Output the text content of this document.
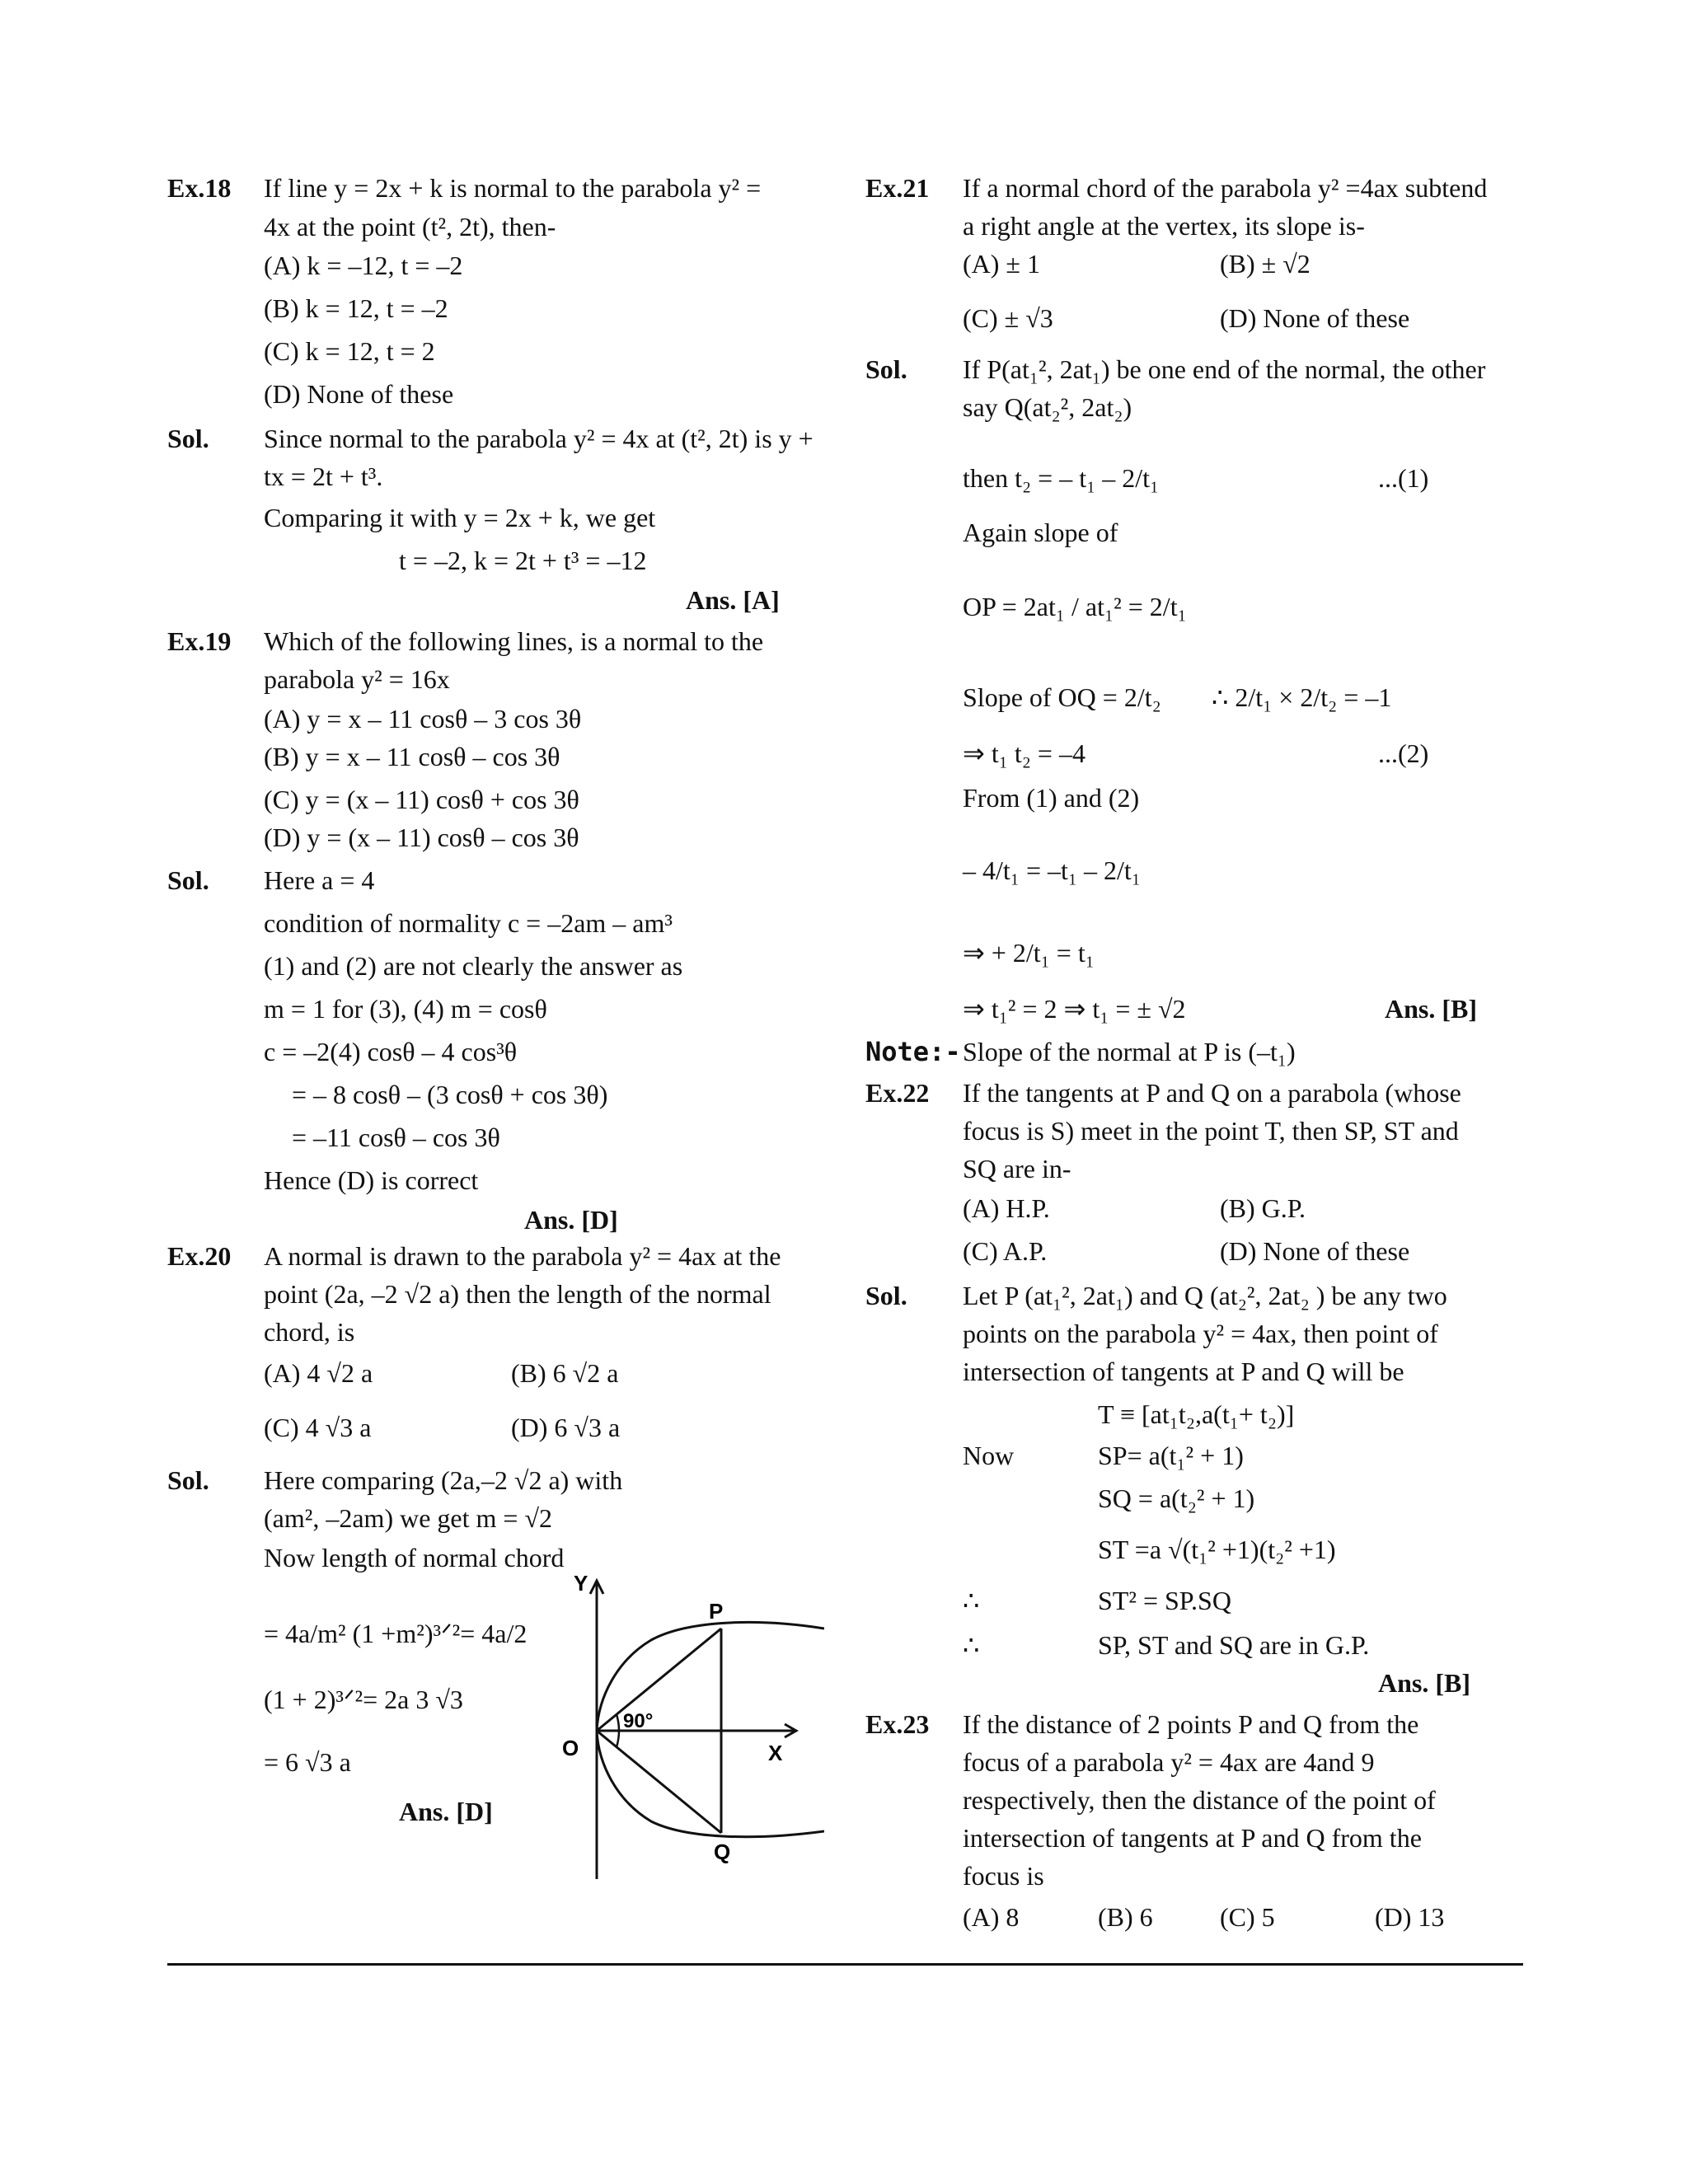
Ex.18 If line y = 2x + k is normal to the parabola y² =
4x at the point (t², 2t), then-
(A) k = –12, t = –2
(B) k = 12, t = –2
(C) k = 12, t = 2
(D) None of these
Sol. Since normal to the parabola y² = 4x at (t², 2t) is y +
tx = 2t + t³.
Comparing it with y = 2x + k, we get
t = –2, k = 2t + t³ = –12
Ans. [A]
Ex.19 Which of the following lines, is a normal to the
parabola y² = 16x
(A) y = x – 11 cosθ – 3 cos 3θ
(B) y = x – 11 cosθ – cos 3θ
(C) y = (x – 11) cosθ + cos 3θ
(D) y = (x – 11) cosθ – cos 3θ
Sol. Here a = 4
condition of normality c = –2am – am³
(1) and (2) are not clearly the answer as
m = 1 for (3), (4) m = cosθ
c = –2(4) cosθ – 4 cos³θ
= – 8 cosθ – (3 cosθ + cos 3θ)
= –11 cosθ – cos 3θ
Hence (D) is correct
Ans. [D]
Ex.20 A normal is drawn to the parabola y² = 4ax at the
point (2a, –2 √2 a) then the length of the normal
chord, is
(A) 4 √2 a	(B) 6 √2 a
(C) 4 √3 a	(D) 6 √3 a
Sol. Here comparing (2a,–2 √2 a) with
(am², –2am) we get m = √2
Now length of normal chord
= 4a/m² (1 +m²)³ᐟ²= 4a/2
(1 + 2)³ᐟ²= 2a 3 √3
= 6 √3 a
Ans. [D]
Ex.21 If a normal chord of the parabola y² =4ax subtend
a right angle at the vertex, its slope is-
(A) ± 1	(B) ± √2
(C) ± √3	(D) None of these
Sol. If P(at₁², 2at₁) be one end of the normal, the other
say Q(at₂², 2at₂)
then t₂ = – t₁ – 2/t₁	...(1)
Again slope of
OP = 2at₁ / at₁² = 2/t₁
Slope of OQ = 2/t₂ ∴ 2/t₁ × 2/t₂ = –1
⇒ t₁ t₂ = –4	...(2)
From (1) and (2)
– 4/t₁ = –t₁ – 2/t₁
⇒ + 2/t₁ = t₁
⇒ t₁² = 2 ⇒ t₁ = ± √2	Ans. [B]
Note:- Slope of the normal at P is (–t₁)
Ex.22 If the tangents at P and Q on a parabola (whose
focus is S) meet in the point T, then SP, ST and
SQ are in-
(A) H.P.	(B) G.P.
(C) A.P.	(D) None of these
Sol. Let P (at₁², 2at₁) and Q (at₂², 2at₂ ) be any two
points on the parabola y² = 4ax, then point of
intersection of tangents at P and Q will be
T ≡ [at₁t₂,a(t₁+ t₂)]
Now	SP= a(t₁² + 1)
SQ = a(t₂² + 1)
ST =a √(t₁² +1)(t₂² +1)
∴	ST² = SP.SQ
∴	SP, ST and SQ are in G.P.
Ans. [B]
Ex.23 If the distance of 2 points P and Q from the
focus of a parabola y² = 4ax are 4and 9
respectively, then the distance of the point of
intersection of tangents at P and Q from the
focus is
(A) 8	(B) 6	(C) 5	(D) 13
Y
X
O
P
Q
90°
